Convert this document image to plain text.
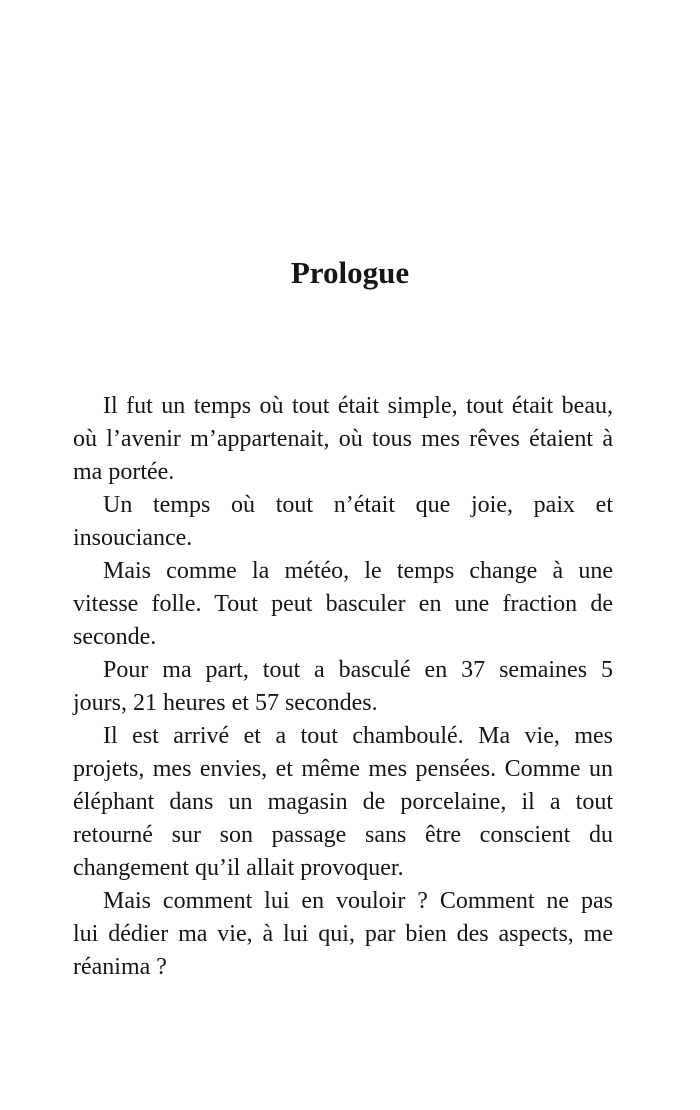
Prologue
Il fut un temps où tout était simple, tout était beau,
où l’avenir m’appartenait, où tous mes rêves étaient à
ma portée.
Un temps où tout n’était que joie, paix et
insouciance.
Mais comme la météo, le temps change à une
vitesse folle. Tout peut basculer en une fraction de
seconde.
Pour ma part, tout a basculé en 37 semaines 5
jours, 21 heures et 57 secondes.
Il est arrivé et a tout chamboulé. Ma vie, mes
projets, mes envies, et même mes pensées. Comme un
éléphant dans un magasin de porcelaine, il a tout
retourné sur son passage sans être conscient du
changement qu’il allait provoquer.
Mais comment lui en vouloir ? Comment ne pas
lui dédier ma vie, à lui qui, par bien des aspects, me
réanima ?
